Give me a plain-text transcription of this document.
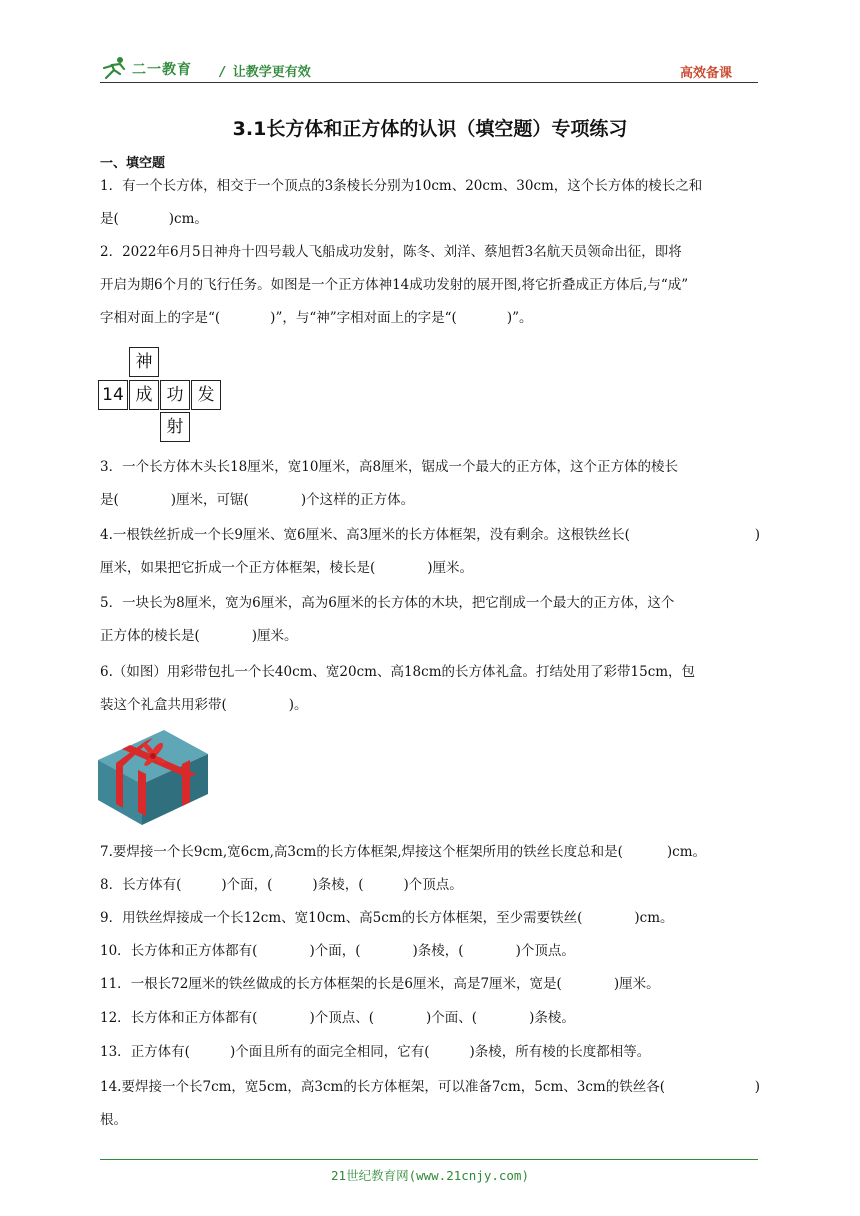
二一教育 / 让教学更有效	高效备课
3.1长方体和正方体的认识（填空题）专项练习
一、填空题
1．有一个长方体，相交于一个顶点的3条棱长分别为10cm、20cm、30cm，这个长方体的棱长之和
是(	)cm。
2．2022年6月5日神舟十四号载人飞船成功发射，陈冬、刘洋、蔡旭哲3名航天员领命出征，即将
开启为期6个月的飞行任务。如图是一个正方体神14成功发射的展开图,将它折叠成正方体后,与“成”
字相对面上的字是“(	)”，与“神”字相对面上的字是“(	)”。
神
14 成 功 发
射
3．一个长方体木头长18厘米，宽10厘米，高8厘米，锯成一个最大的正方体，这个正方体的棱长
是(	)厘米，可锯(	)个这样的正方体。
4.一根铁丝折成一个长9厘米、宽6厘米、高3厘米的长方体框架，没有剩余。这根铁丝长(	)
厘米，如果把它折成一个正方体框架，棱长是(	)厘米。
5．一块长为8厘米，宽为6厘米，高为6厘米的长方体的木块，把它削成一个最大的正方体，这个
正方体的棱长是(	)厘米。
6.（如图）用彩带包扎一个长40cm、宽20cm、高18cm的长方体礼盒。打结处用了彩带15cm，包
装这个礼盒共用彩带(	)。
7.要焊接一个长9cm,宽6cm,高3cm的长方体框架,焊接这个框架所用的铁丝长度总和是(	)cm。
8．长方体有(	)个面，(	)条棱，(	)个顶点。
9．用铁丝焊接成一个长12cm、宽10cm、高5cm的长方体框架，至少需要铁丝(	)cm。
10．长方体和正方体都有(	)个面，(	)条棱，(	)个顶点。
11．一根长72厘米的铁丝做成的长方体框架的长是6厘米，高是7厘米，宽是(	)厘米。
12．长方体和正方体都有(	)个顶点、(	)个面、(	)条棱。
13．正方体有(	)个面且所有的面完全相同，它有(	)条棱，所有棱的长度都相等。
14.要焊接一个长7cm，宽5cm，高3cm的长方体框架，可以准备7cm，5cm、3cm的铁丝各(	)
根。
21世纪教育网(www.21cnjy.com)
